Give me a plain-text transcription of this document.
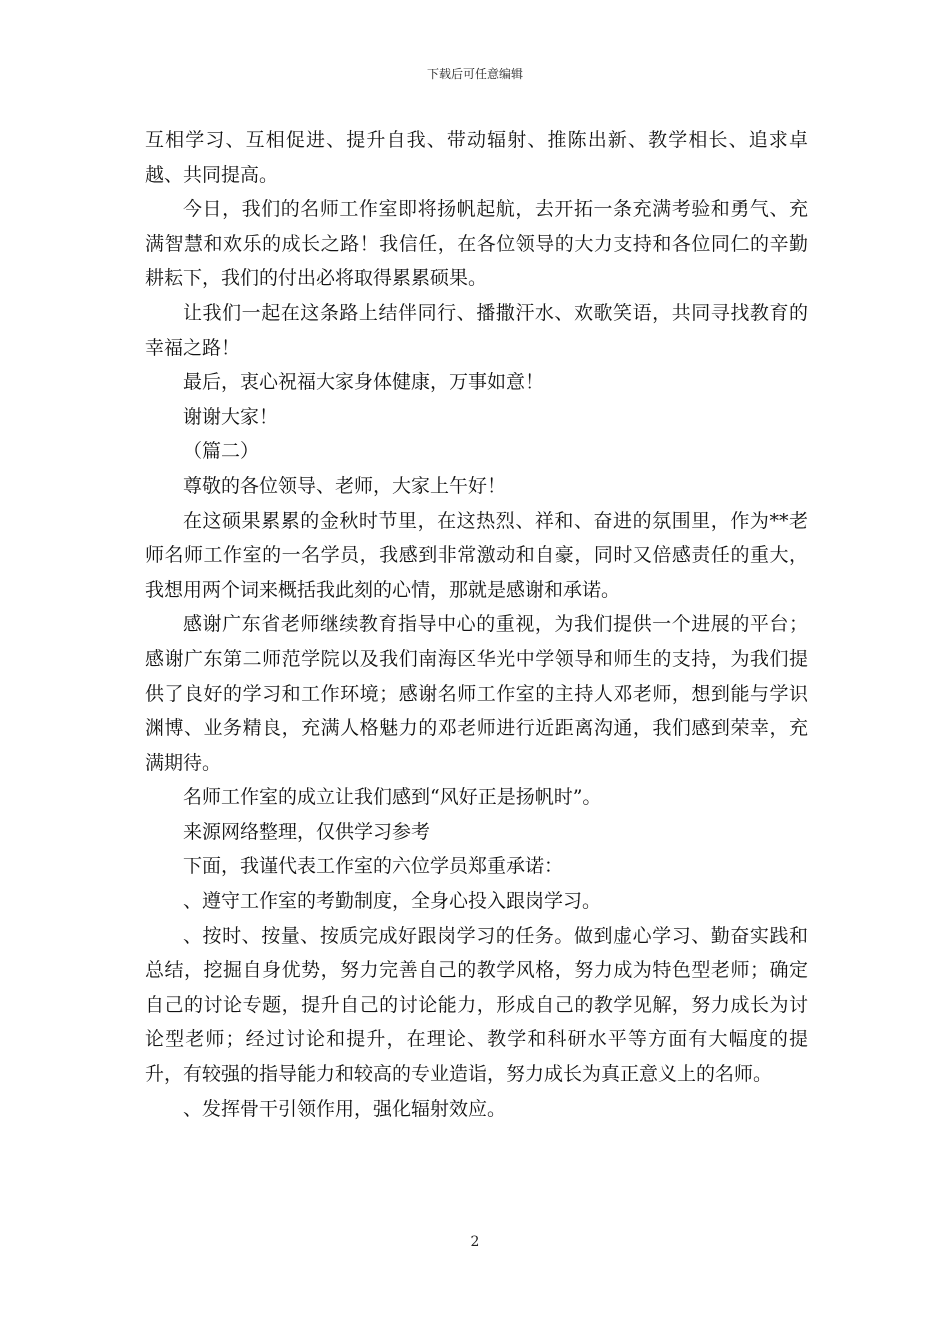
下载后可任意编辑

互相学习、互相促进、提升自我、带动辐射、推陈出新、教学相长、追求卓越、共同提高。

今日，我们的名师工作室即将扬帆起航，去开拓一条充满考验和勇气、充满智慧和欢乐的成长之路！我信任，在各位领导的大力支持和各位同仁的辛勤耕耘下，我们的付出必将取得累累硕果。

让我们一起在这条路上结伴同行、播撒汗水、欢歌笑语，共同寻找教育的幸福之路！

最后，衷心祝福大家身体健康，万事如意！

谢谢大家！

（篇二）

尊敬的各位领导、老师，大家上午好！

在这硕果累累的金秋时节里，在这热烈、祥和、奋进的氛围里，作为**老师名师工作室的一名学员，我感到非常激动和自豪，同时又倍感责任的重大，我想用两个词来概括我此刻的心情，那就是感谢和承诺。

感谢广东省老师继续教育指导中心的重视，为我们提供一个进展的平台；感谢广东第二师范学院以及我们南海区华光中学领导和师生的支持，为我们提供了良好的学习和工作环境；感谢名师工作室的主持人邓老师，想到能与学识渊博、业务精良，充满人格魅力的邓老师进行近距离沟通，我们感到荣幸，充满期待。

名师工作室的成立让我们感到“风好正是扬帆时”。

来源网络整理，仅供学习参考

下面，我谨代表工作室的六位学员郑重承诺：

、遵守工作室的考勤制度，全身心投入跟岗学习。

、按时、按量、按质完成好跟岗学习的任务。做到虚心学习、勤奋实践和总结，挖掘自身优势，努力完善自己的教学风格，努力成为特色型老师；确定自己的讨论专题，提升自己的讨论能力，形成自己的教学见解，努力成长为讨论型老师；经过讨论和提升，在理论、教学和科研水平等方面有大幅度的提升，有较强的指导能力和较高的专业造诣，努力成长为真正意义上的名师。

、发挥骨干引领作用，强化辐射效应。

2
